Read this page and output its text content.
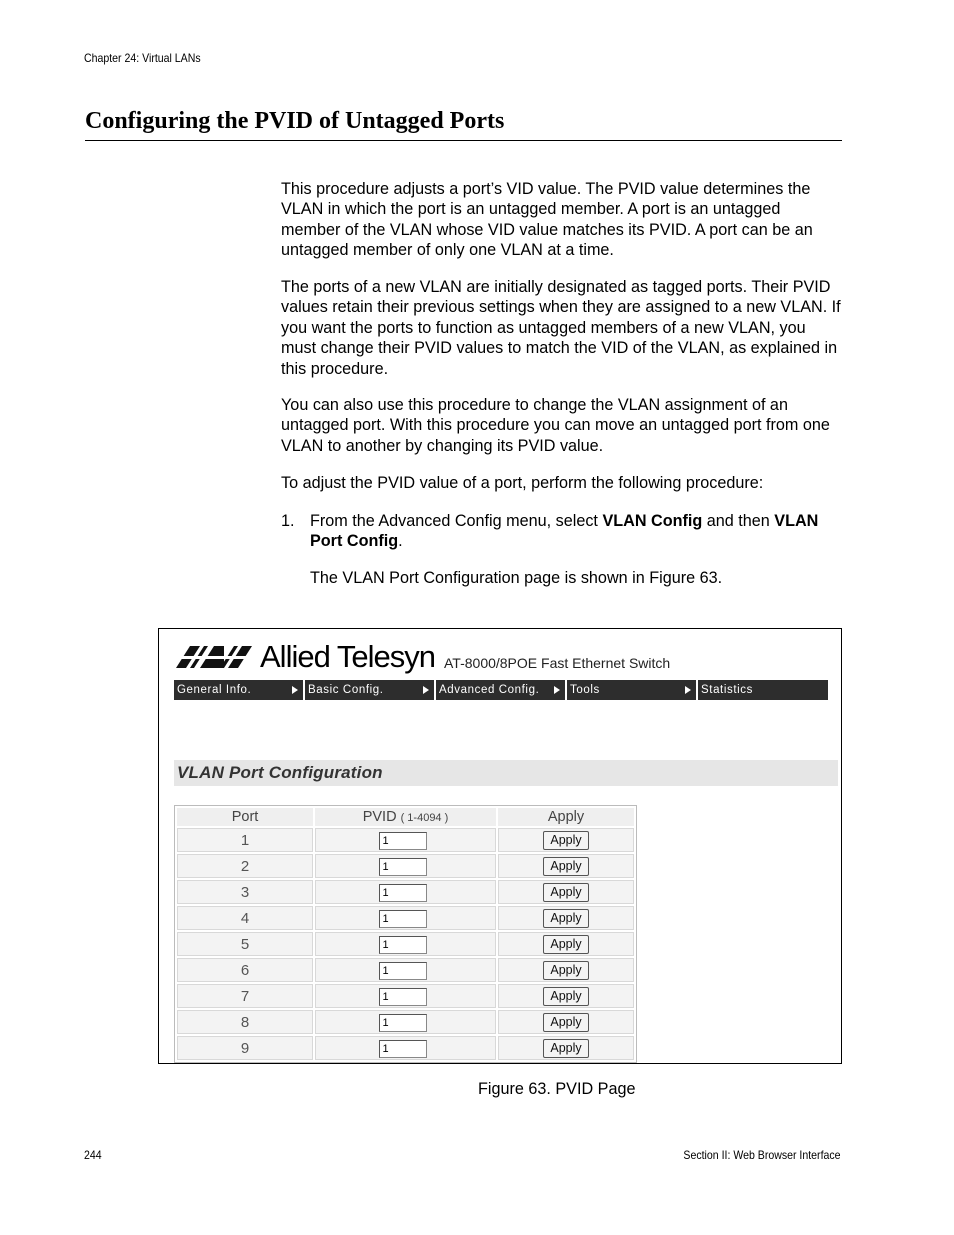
Chapter 24: Virtual LANs
Configuring the PVID of Untagged Ports

This procedure adjusts a port’s VID value. The PVID value determines the VLAN in which the port is an untagged member. A port is an untagged member of the VLAN whose VID value matches its PVID. A port can be an untagged member of only one VLAN at a time.

The ports of a new VLAN are initially designated as tagged ports. Their PVID values retain their previous settings when they are assigned to a new VLAN. If you want the ports to function as untagged members of a new VLAN, you must change their PVID values to match the VID of the VLAN, as explained in this procedure.

You can also use this procedure to change the VLAN assignment of an untagged port. With this procedure you can move an untagged port from one VLAN to another by changing its PVID value.

To adjust the PVID value of a port, perform the following procedure:

1. From the Advanced Config menu, select VLAN Config and then VLAN Port Config.
The VLAN Port Configuration page is shown in Figure 63.
Allied Telesyn AT-8000/8POE Fast Ethernet Switch
General Info.	Basic Config.	Advanced Config.	Tools	Statistics
VLAN Port Configuration
Port	PVID ( 1-4094 )	Apply
1	1	Apply
2	1	Apply
3	1	Apply
4	1	Apply
5	1	Apply
6	1	Apply
7	1	Apply
8	1	Apply
9	1	Apply
Figure 63. PVID Page
244	Section II: Web Browser Interface
